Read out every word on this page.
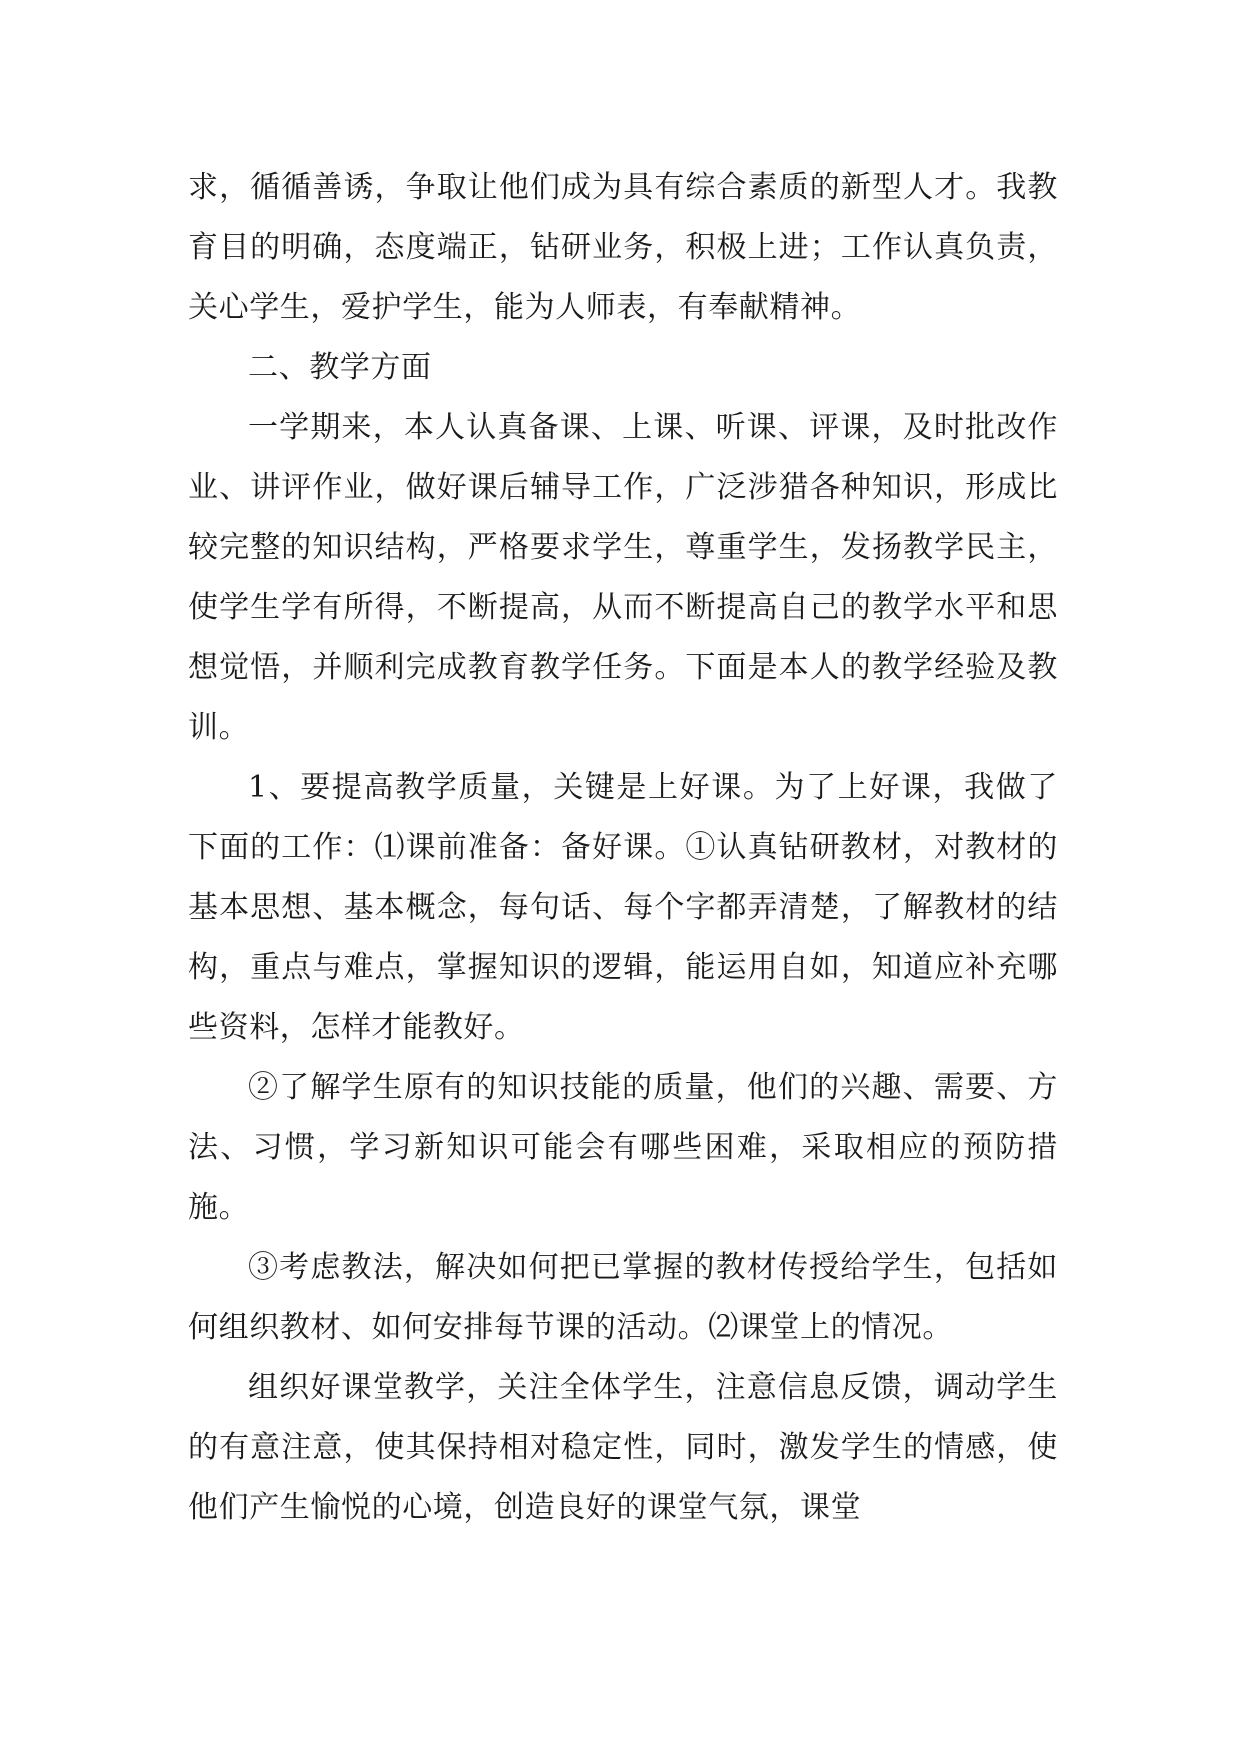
求，循循善诱，争取让他们成为具有综合素质的新型人才。我教育目的明确，态度端正，钻研业务，积极上进；工作认真负责，关心学生，爱护学生，能为人师表，有奉献精神。

二、教学方面

一学期来，本人认真备课、上课、听课、评课，及时批改作业、讲评作业，做好课后辅导工作，广泛涉猎各种知识，形成比较完整的知识结构，严格要求学生，尊重学生，发扬教学民主，使学生学有所得，不断提高，从而不断提高自己的教学水平和思想觉悟，并顺利完成教育教学任务。下面是本人的教学经验及教训。

1、要提高教学质量，关键是上好课。为了上好课，我做了下面的工作：⑴课前准备：备好课。①认真钻研教材，对教材的基本思想、基本概念，每句话、每个字都弄清楚，了解教材的结构，重点与难点，掌握知识的逻辑，能运用自如，知道应补充哪些资料，怎样才能教好。

②了解学生原有的知识技能的质量，他们的兴趣、需要、方法、习惯，学习新知识可能会有哪些困难，采取相应的预防措施。

③考虑教法，解决如何把已掌握的教材传授给学生，包括如何组织教材、如何安排每节课的活动。⑵课堂上的情况。

组织好课堂教学，关注全体学生，注意信息反馈，调动学生的有意注意，使其保持相对稳定性，同时，激发学生的情感，使他们产生愉悦的心境，创造良好的课堂气氛，课堂
